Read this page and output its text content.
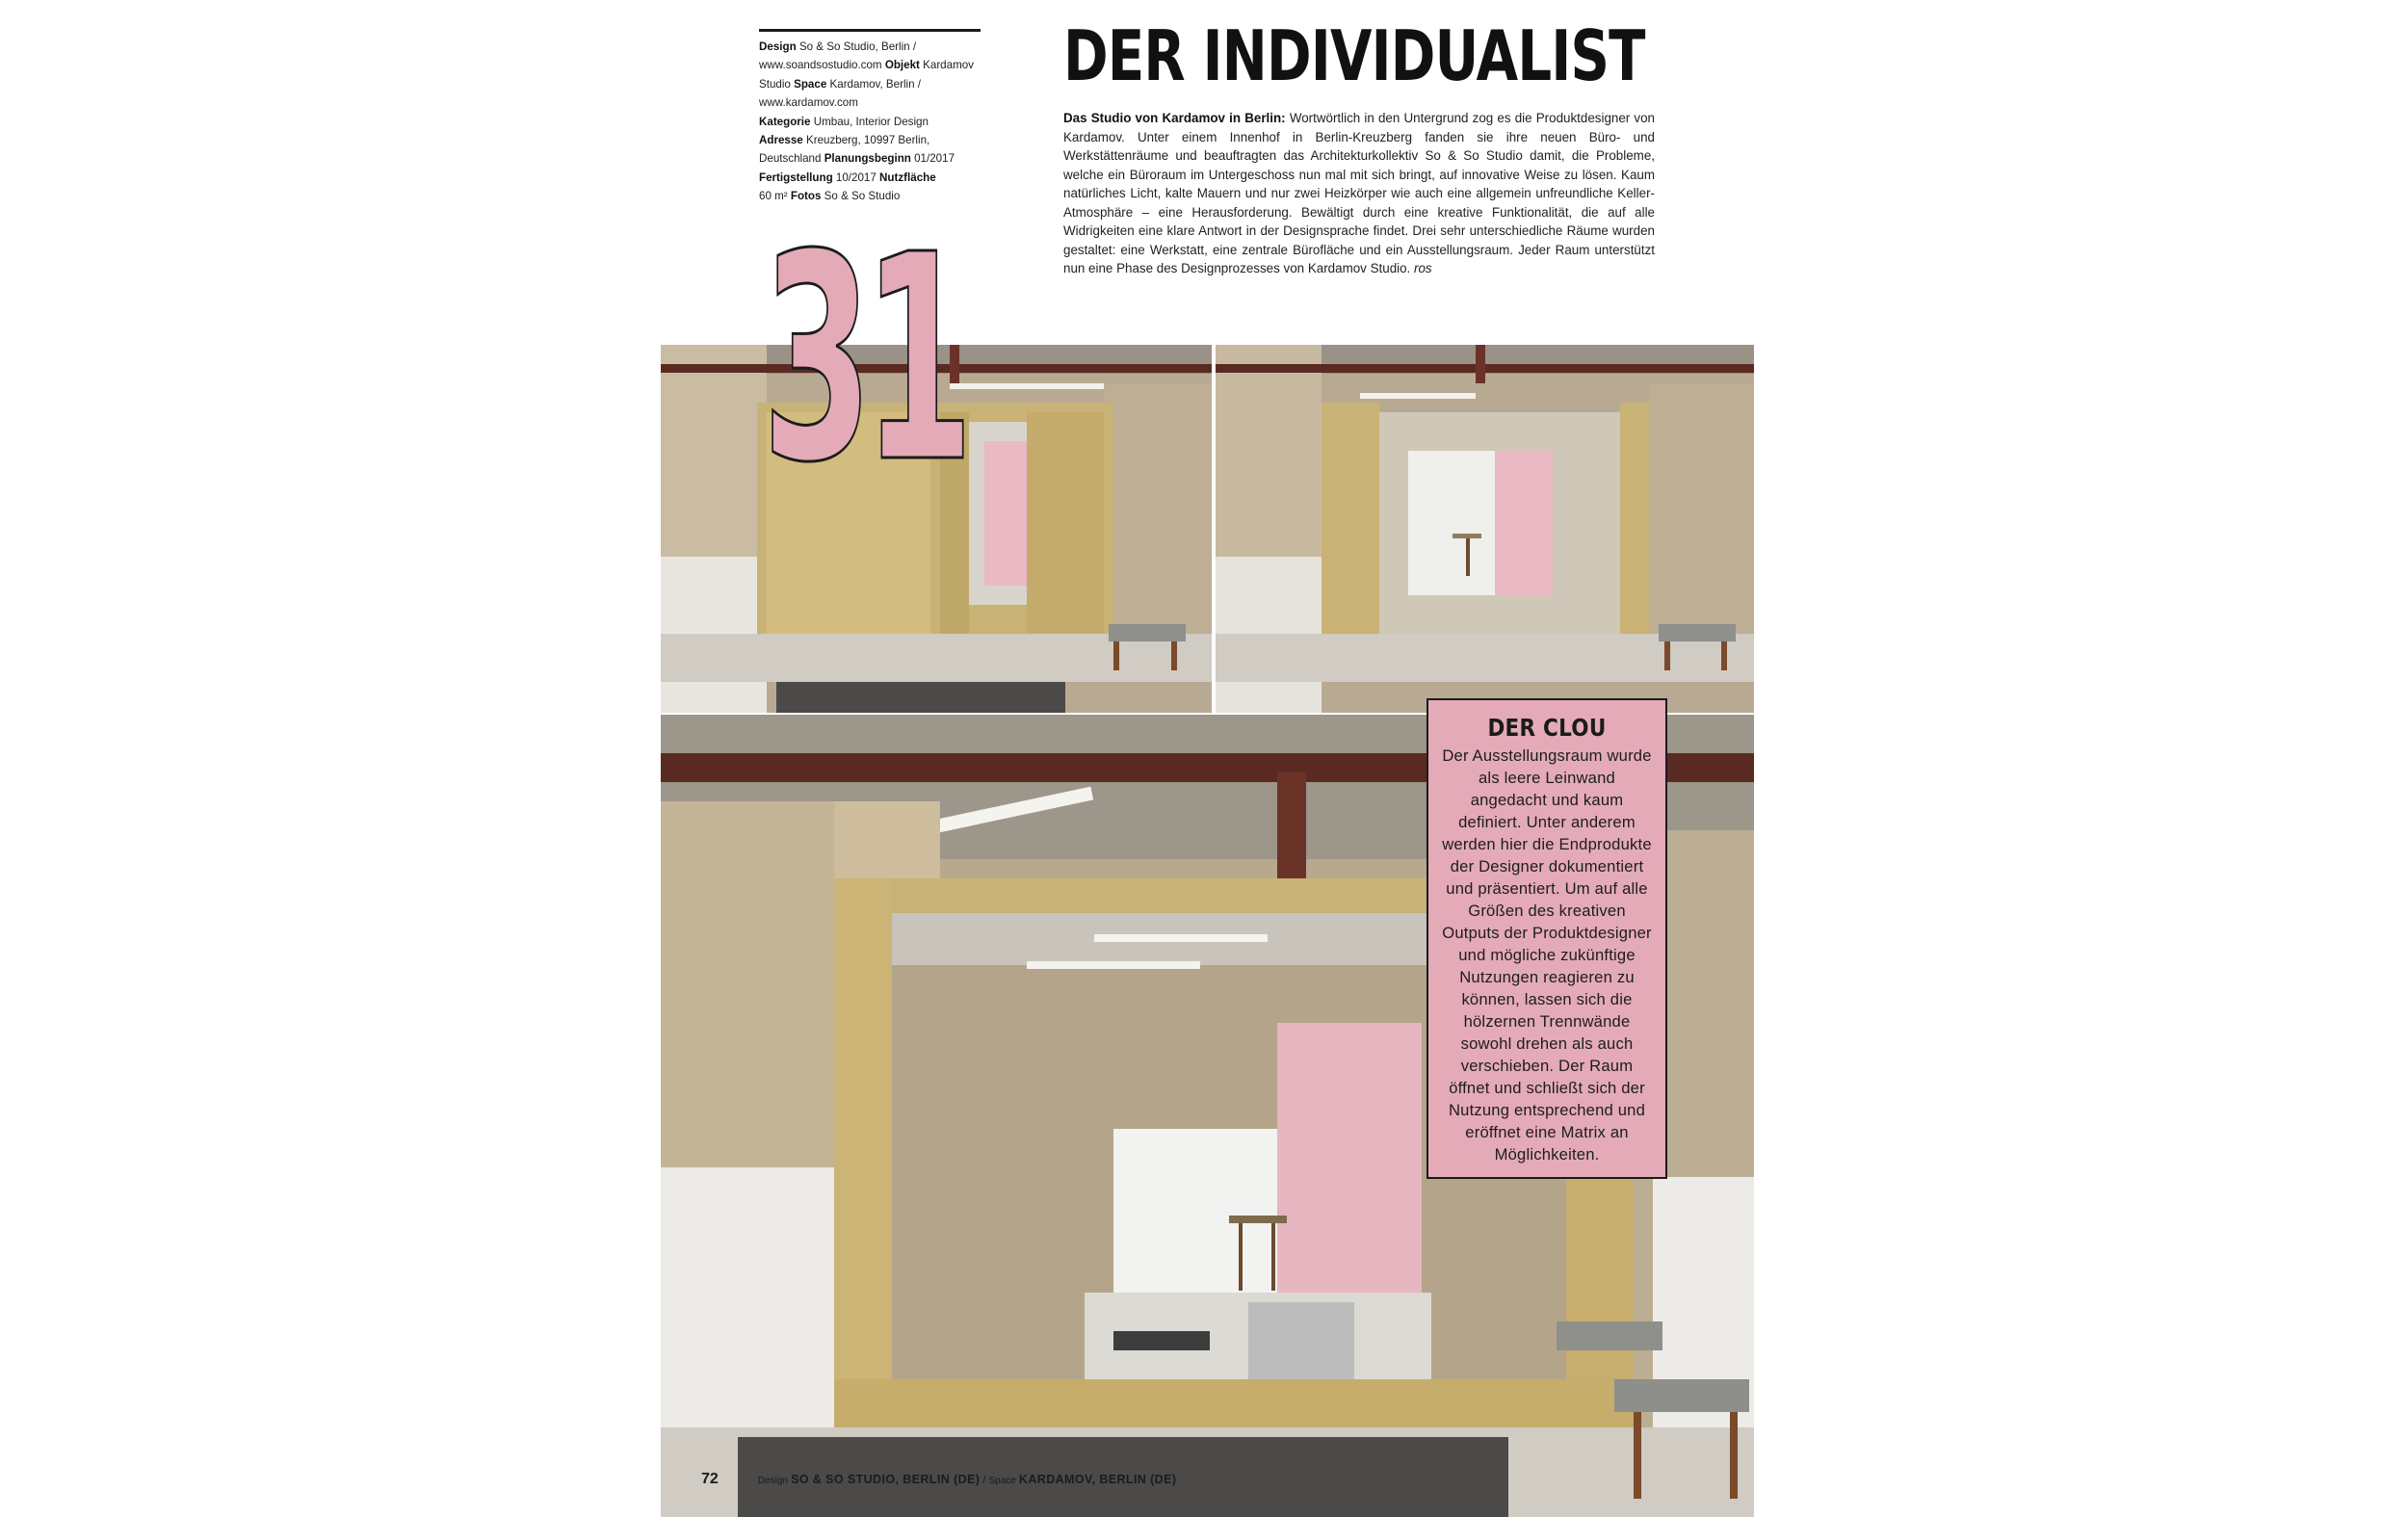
Design So & So Studio, Berlin / www.soandsostudio.com Objekt Kardamov Studio Space Kardamov, Berlin / www.kardamov.com
Kategorie Umbau, Interior Design
Adresse Kreuzberg, 10997 Berlin, Deutschland Planungsbeginn 01/2017
Fertigstellung 10/2017 Nutzfläche
60 m² Fotos So & So Studio
DER INDIVIDUALIST

Das Studio von Kardamov in Berlin: Wortwörtlich in den Untergrund zog es die Produktdesigner von Kardamov. Unter einem Innenhof in Berlin-Kreuzberg fanden sie ihre neuen Büro- und Werkstättenräume und beauftragten das Architekturkollektiv So & So Studio damit, die Probleme, welche ein Büroraum im Untergeschoss nun mal mit sich bringt, auf innovative Weise zu lösen. Kaum natürliches Licht, kalte Mauern und nur zwei Heizkörper wie auch eine allgemein unfreundliche Keller-Atmosphäre – eine Herausforderung. Bewältigt durch eine kreative Funktionalität, die auf alle Widrigkeiten eine klare Antwort in der Designsprache findet. Drei sehr unterschiedliche Räume wurden gestaltet: eine Werkstatt, eine zentrale Bürofläche und ein Ausstellungsraum. Jeder Raum unterstützt nun eine Phase des Designprozesses von Kardamov Studio. ros

31
DER CLOU

Der Ausstellungsraum wurde als leere Leinwand angedacht und kaum definiert. Unter anderem werden hier die Endprodukte der Designer dokumentiert und präsentiert. Um auf alle Größen des kreativen Outputs der Produktdesigner und mögliche zukünftige Nutzungen reagieren zu können, lassen sich die hölzernen Trennwände sowohl drehen als auch verschieben. Der Raum öffnet und schließt sich der Nutzung entsprechend und eröffnet eine Matrix an Möglichkeiten.

72	Design SO & SO STUDIO, BERLIN (DE) / Space KARDAMOV, BERLIN (DE)
